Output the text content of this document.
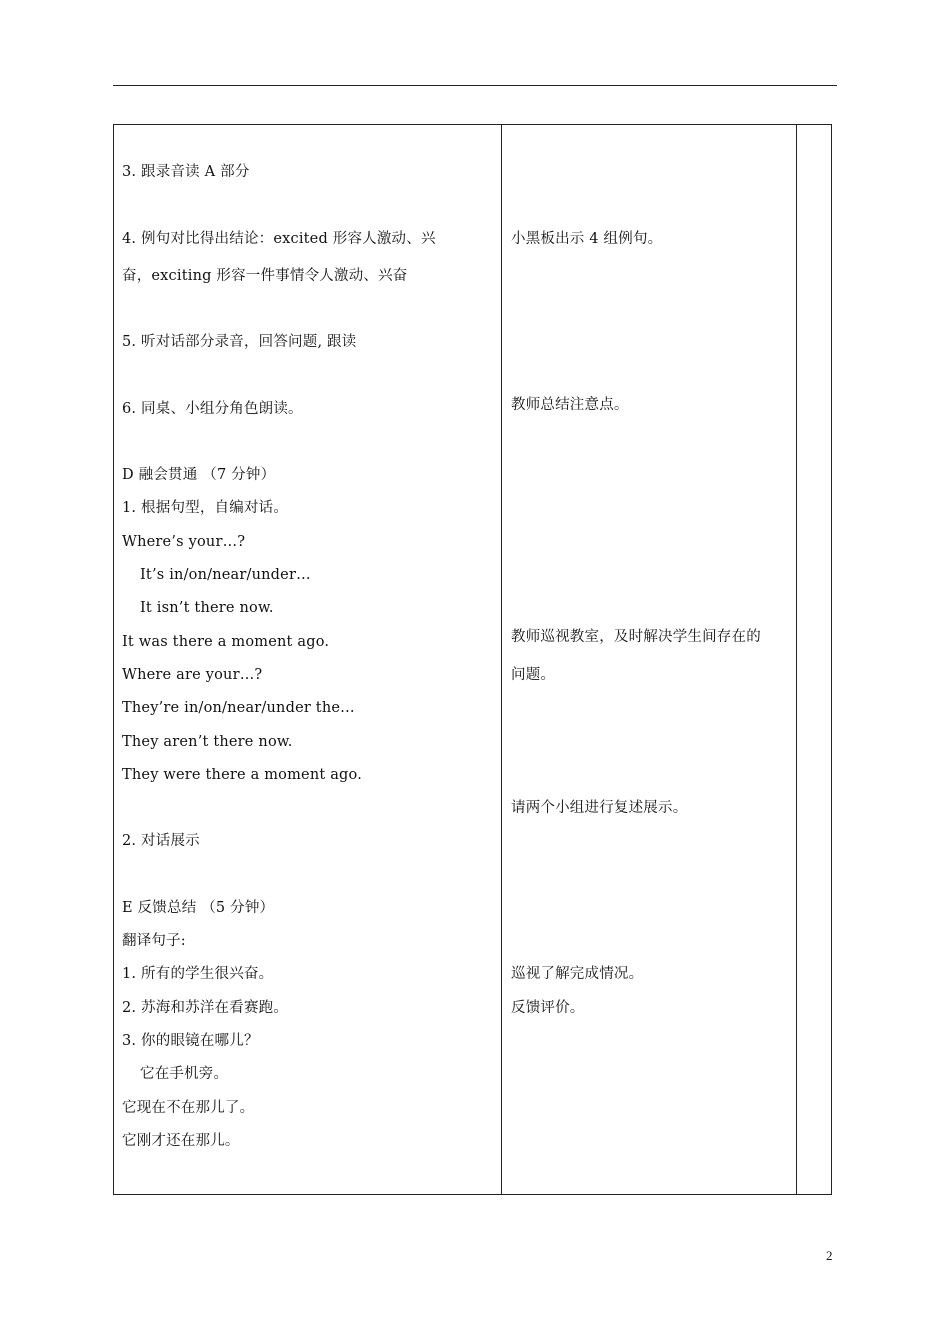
3. 跟录音读 A 部分
4. 例句对比得出结论：excited 形容人激动、兴
奋，exciting 形容一件事情令人激动、兴奋
5. 听对话部分录音，回答问题, 跟读
6. 同桌、小组分角色朗读。
D 融会贯通 （7 分钟）
1. 根据句型，自编对话。
Where’s your…?
It’s in/on/near/under…
It isn’t there now.
It was there a moment ago.
Where are your…?
They’re in/on/near/under the…
They aren’t there now.
They were there a moment ago.
2. 对话展示
E 反馈总结 （5 分钟）
翻译句子:
1. 所有的学生很兴奋。
2. 苏海和苏洋在看赛跑。
3. 你的眼镜在哪儿？
它在手机旁。
它现在不在那儿了。
它刚才还在那儿。
小黑板出示 4 组例句。
教师总结注意点。
教师巡视教室，及时解决学生间存在的
问题。
请两个小组进行复述展示。
巡视了解完成情况。
反馈评价。
2
